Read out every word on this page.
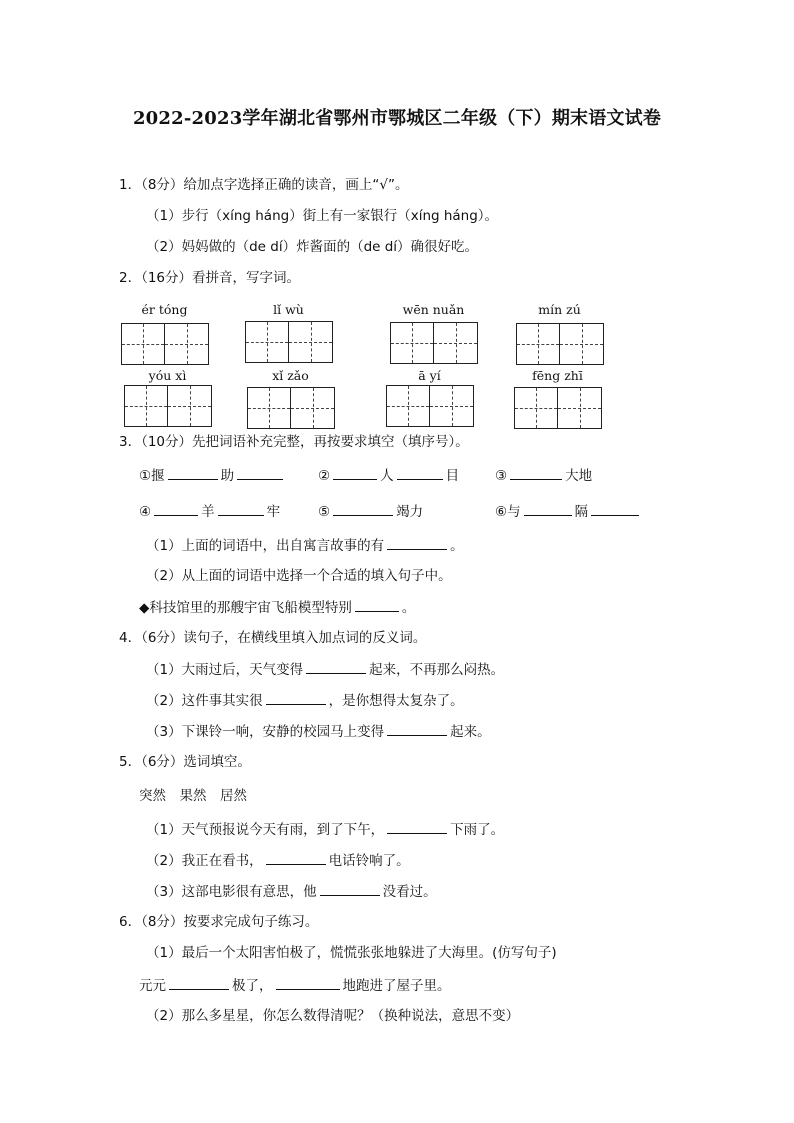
2022-2023学年湖北省鄂州市鄂城区二年级（下）期末语文试卷
1．（8分）给加点字选择正确的读音，画上“√”。
（1）步行（xíng háng）街上有一家银行（xíng háng）。
（2）妈妈做的（de dí）炸酱面的（de dí）确很好吃。
2．（16分）看拼音，写字词。
ér tóng	lǐ wù	wēn nuǎn	mín zú
yóu xì	xǐ zǎo	ā yí	fēng zhī
3．（10分）先把词语补充完整，再按要求填空（填序号）。
①揠	助	②	人	目	③	大地
④	羊	牢	⑤	竭力	⑥与	隔
（1）上面的词语中，出自寓言故事的有	。
（2）从上面的词语中选择一个合适的填入句子中。
◆科技馆里的那艘宇宙飞船模型特别	。
4．（6分）读句子，在横线里填入加点词的反义词。
（1）大雨过后，天气变得	起来，不再那么闷热。
（2）这件事其实很	，是你想得太复杂了。
（3）下课铃一响，安静的校园马上变得	起来。
5．（6分）选词填空。
突然　果然　居然
（1）天气预报说今天有雨，到了下午，	下雨了。
（2）我正在看书，	电话铃响了。
（3）这部电影很有意思，他	没看过。
6．（8分）按要求完成句子练习。
（1）最后一个太阳害怕极了，慌慌张张地躲进了大海里。(仿写句子)
元元	极了，	地跑进了屋子里。
（2）那么多星星，你怎么数得清呢？（换种说法，意思不变）
